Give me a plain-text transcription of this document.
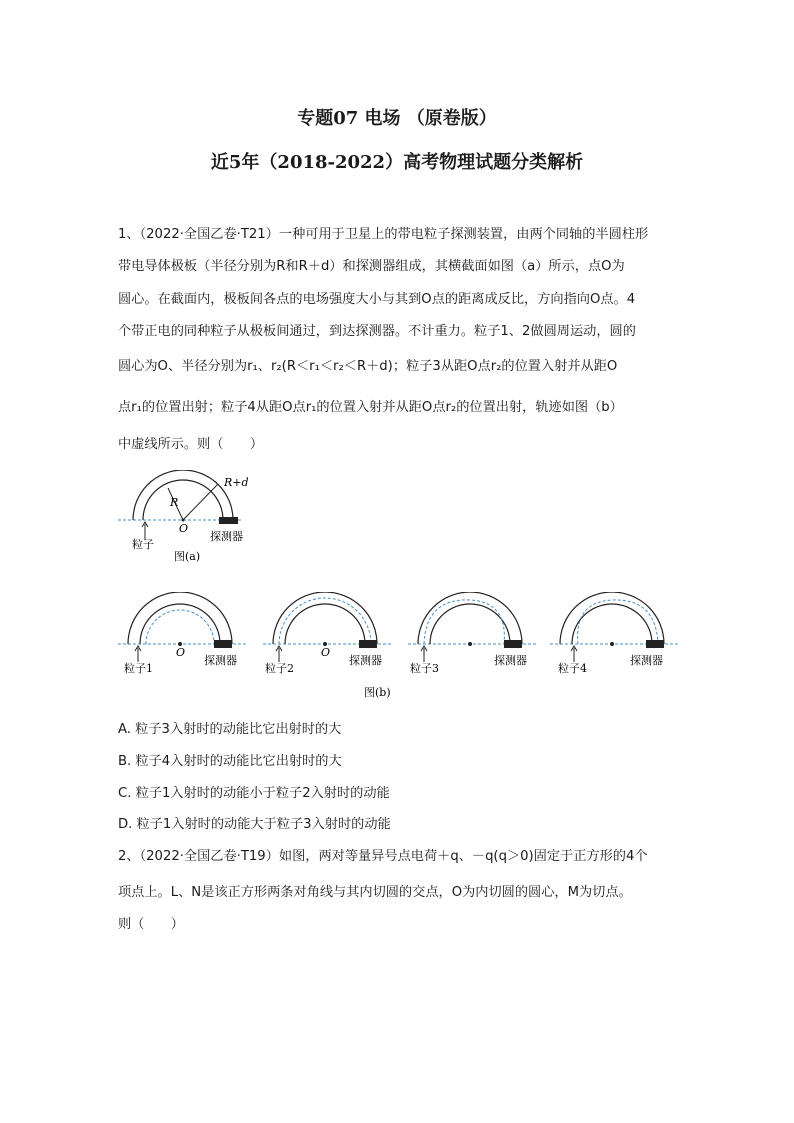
专题07 电场 （原卷版）
近5年（2018-2022）高考物理试题分类解析
1、（2022·全国乙卷·T21）一种可用于卫星上的带电粒子探测装置，由两个同轴的半圆柱形
带电导体极板（半径分别为R和R＋d）和探测器组成，其横截面如图（a）所示，点O为
圆心。在截面内，极板间各点的电场强度大小与其到O点的距离成反比，方向指向O点。4
个带正电的同种粒子从极板间通过，到达探测器。不计重力。粒子1、2做圆周运动，圆的
圆心为O、半径分别为r₁、r₂(R＜r₁＜r₂＜R＋d)；粒子3从距O点r₂的位置入射并从距O
点r₁的位置出射；粒子4从距O点r₁的位置入射并从距O点r₂的位置出射，轨迹如图（b）
中虚线所示。则（　　）
R
R+d
O
粒子
探测器
图(a)
O
粒子1
探测器
O
粒子2
探测器
粒子3
探测器
粒子4
探测器
图(b)
A. 粒子3入射时的动能比它出射时的大
B. 粒子4入射时的动能比它出射时的大
C. 粒子1入射时的动能小于粒子2入射时的动能
D. 粒子1入射时的动能大于粒子3入射时的动能
2、（2022·全国乙卷·T19）如图，两对等量异号点电荷＋q、－q(q＞0)固定于正方形的4个
项点上。L、N是该正方形两条对角线与其内切圆的交点，O为内切圆的圆心，M为切点。
则（　　）
